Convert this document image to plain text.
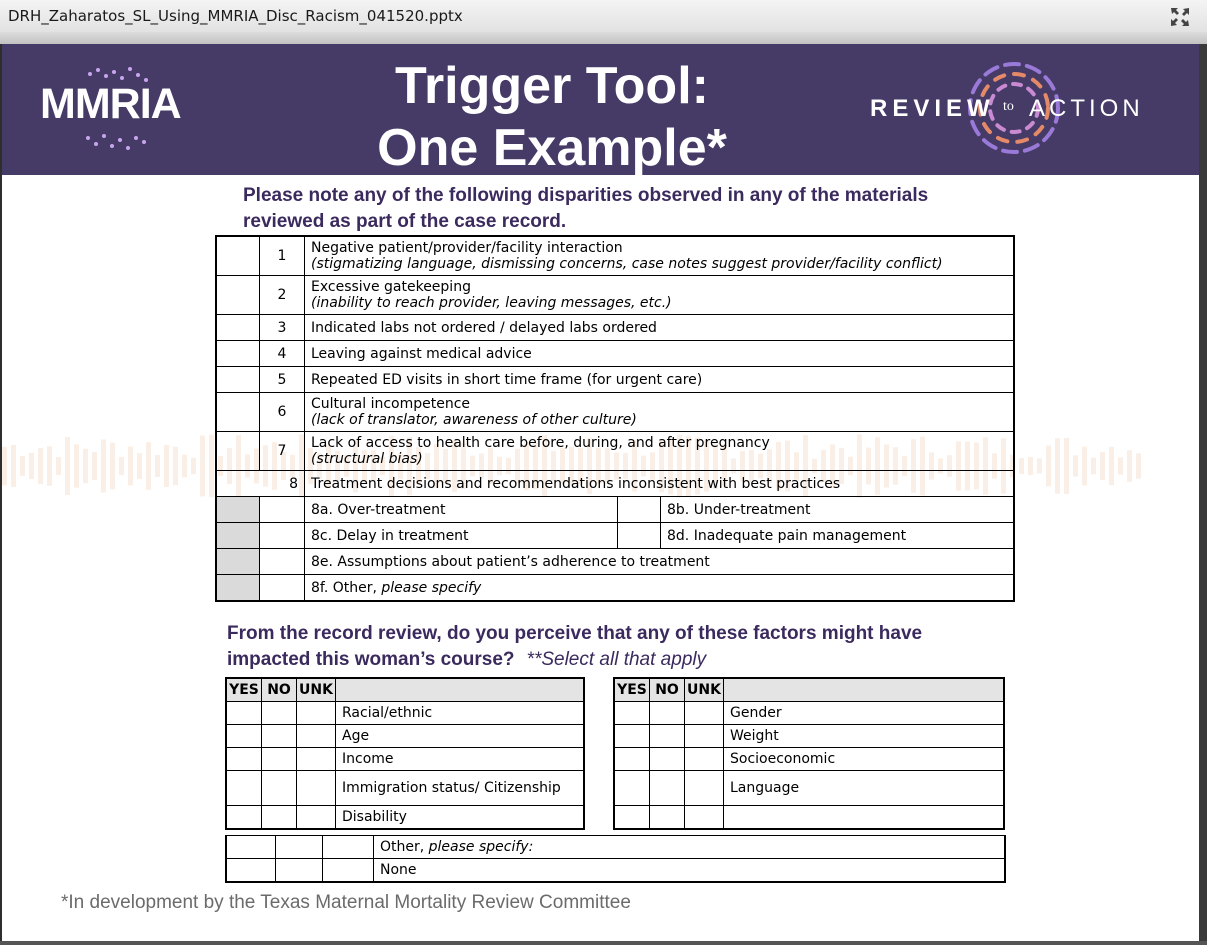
DRH_Zaharatos_SL_Using_MMRIA_Disc_Racism_041520.pptx
MMRIA	Trigger Tool:
One Example*
REVIEW to ACTION
Please note any of the following disparities observed in any of the materials reviewed as part of the case record.
	1	Negative patient/provider/facility interaction
(stigmatizing language, dismissing concerns, case notes suggest provider/facility conflict)		

	2	Excessive gatekeeping
(inability to reach provider, leaving messages, etc.)		

	3	Indicated labs not ordered / delayed labs ordered		
	4	Leaving against medical advice		
	5	Repeated ED visits in short time frame (for urgent care)		
	6	Cultural incompetence
(lack of translator, awareness of other culture)		

	7	Lack of access to health care before, during, and after pregnancy
(structural bias)		

8		Treatment decisions and recommendations inconsistent with best practices		
		8a. Over-treatment		8b. Under-treatment
		8c. Delay in treatment		8d. Inadequate pain management
		8e. Assumptions about patient’s adherence to treatment		
		8f. Other, please specify		
From the record review, do you perceive that any of these factors might have impacted this woman’s course? **Select all that apply
YES	NO	UNK	
			Racial/ethnic
			Age
			Income
			Immigration status/ Citizenship
			Disability
YES	NO	UNK	
			Gender
			Weight
			Socioeconomic
			Language

			Other, please specify:
			None
*In development by the Texas Maternal Mortality Review Committee
